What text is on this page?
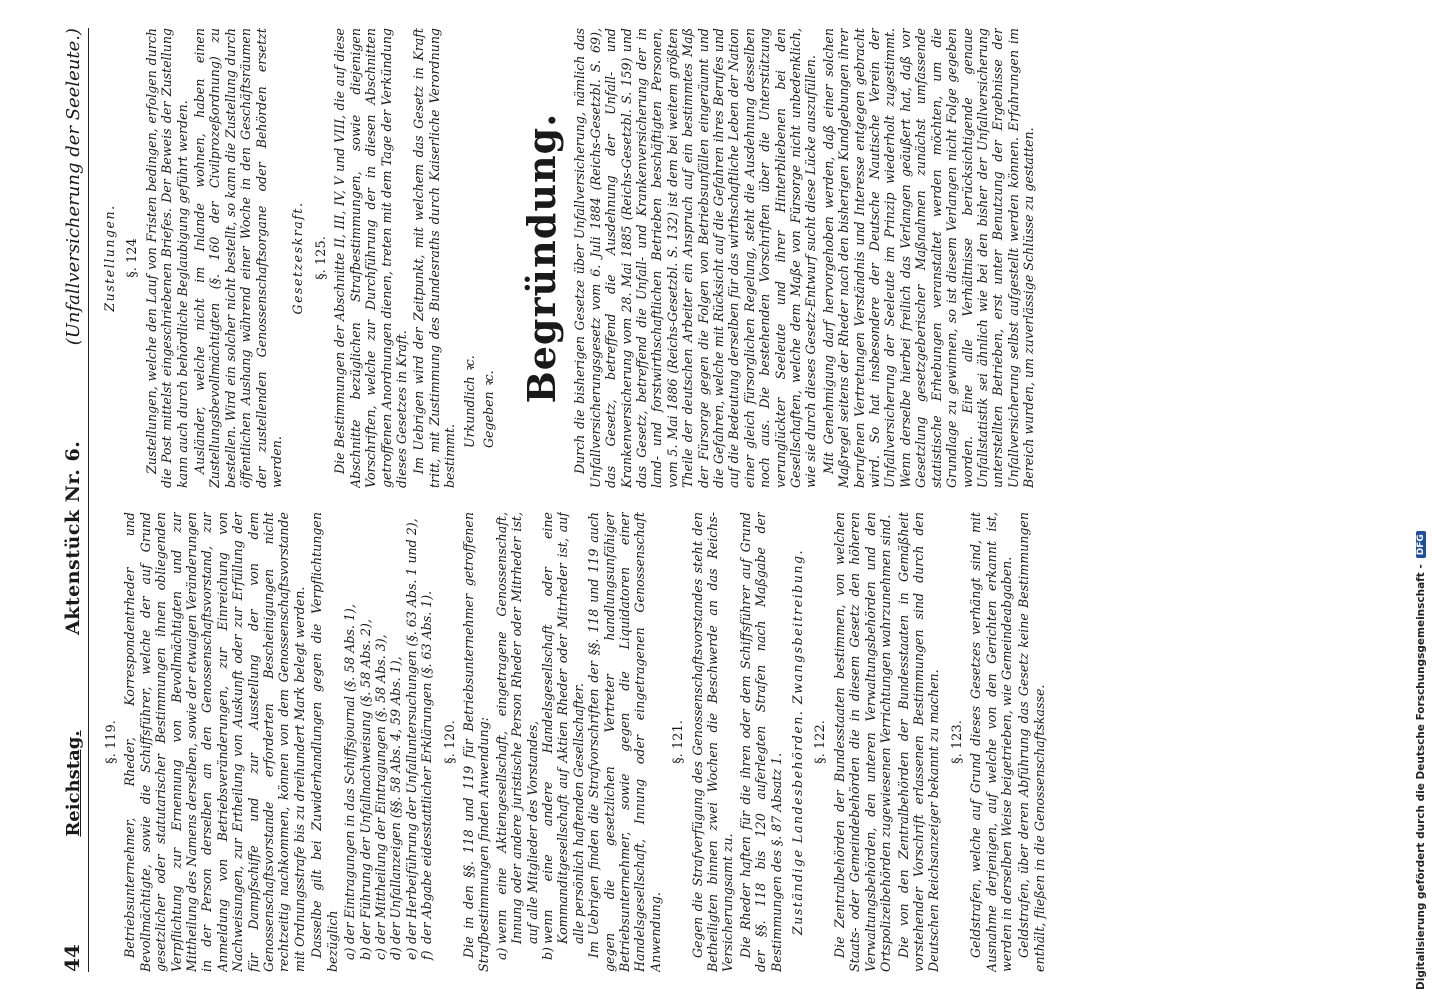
44
Reichstag.
Aktenstück Nr. 6.
(Unfallversicherung der Seeleute.)
§. 119. Betriebsunternehmer, Rheder, Korrespondentrheder und Bevollmächtigte, sowie die Schiffsführer, welche der auf Grund gesetzlicher oder statutarischer Bestimmungen ihnen obliegenden Verpflichtung zur Ernennung von Bevollmächtigten und zur Mittheilung des Namens derselben, sowie der etwaigen Veränderungen in der Person derselben an den Genossenschaftsvorstand, zur Anmeldung von Betriebsveränderungen, zur Einreichung von Nachweisungen, zur Ertheilung von Auskunft oder zur Erfüllung der für Dampfschiffe und zur Ausstellung der von dem Genossenschaftsvorstande erforderten Bescheinigungen nicht rechtzeitig nachkommen, können von dem Genossenschaftsvorstande mit Ordnungsstrafe bis zu dreihundert Mark belegt werden. Dasselbe gilt bei Zuwiderhandlungen gegen die Verpflichtungen bezüglich a)der Eintragungen in das Schiffsjournal (§. 58 Abs. 1),

b)der Führung der Unfallnachweisung (§. 58 Abs. 2),

c)der Mittheilung der Eintragungen (§. 58 Abs. 3),

d)der Unfallanzeigen (§§. 58 Abs. 4, 59 Abs. 1),

e)der Herbeiführung der Unfalluntersuchungen (§. 63 Abs. 1 und 2),

f)der Abgabe eidesstattlicher Erklärungen (§. 63 Abs. 1). §. 120. Die in den §§. 118 und 119 für Betriebsunternehmer getroffenen Strafbestimmungen finden Anwendung: a)wenn eine Aktiengesellschaft, eingetragene Genossenschaft, Innung oder andere juristische Person Rheder oder Mitrheder ist, auf alle Mitglieder des Vorstandes,

b)wenn eine andere Handelsgesellschaft oder eine Kommanditgesellschaft auf Aktien Rheder oder Mitrheder ist, auf alle persönlich haftenden Gesellschafter. Im Uebrigen finden die Strafvorschriften der §§. 118 und 119 auch gegen die gesetzlichen Vertreter handlungsunfähiger Betriebsunternehmer, sowie gegen die Liquidatoren einer Handelsgesellschaft, Innung oder eingetragenen Genossenschaft Anwendung.

§. 121. Gegen die Strafverfügung des Genossenschaftsvorstandes steht den Betheiligten binnen zwei Wochen die Beschwerde an das Reichs-Versicherungsamt zu. Die Rheder haften für die ihren oder dem Schiffsführer auf Grund der §§. 118 bis 120 auferlegten Strafen nach Maßgabe der Bestimmungen des §. 87 Absatz 1. Zuständige Landesbehörden. Zwangsbeitreibung. §. 122. Die Zentralbehörden der Bundesstaaten bestimmen, von welchen Staats- oder Gemeindebehörden die in diesem Gesetz den höheren Verwaltungsbehörden, den unteren Verwaltungsbehörden und den Ortspolizeibehörden zugewiesenen Verrichtungen wahrzunehmen sind. Die von den Zentralbehörden der Bundesstaaten in Gemäßheit vorstehender Vorschrift erlassenen Bestimmungen sind durch den Deutschen Reichsanzeiger bekannt zu machen. §. 123. Geldstrafen, welche auf Grund dieses Gesetzes verhängt sind, mit Ausnahme derjenigen, auf welche von den Gerichten erkannt ist, werden in derselben Weise beigetrieben, wie Gemeindeabgaben. Geldstrafen, über deren Abführung das Gesetz keine Bestimmungen enthält, fließen in die Genossenschaftskasse.

Zustellungen. §. 124 Zustellungen, welche den Lauf von Fristen bedingen, erfolgen durch die Post mittelst eingeschriebenen Briefes. Der Beweis der Zustellung kann auch durch behördliche Beglaubigung geführt werden. Ausländer, welche nicht im Inlande wohnen, haben einen Zustellungsbevollmächtigten (§. 160 der Civilprozeßordnung) zu bestellen. Wird ein solcher nicht bestellt, so kann die Zustellung durch öffentlichen Aushang während einer Woche in den Geschäftsräumen der zustellenden Genossenschaftsorgane oder Behörden ersetzt werden.

Gesetzeskraft. §. 125. Die Bestimmungen der Abschnitte II, III, IV, V und VIII, die auf diese Abschnitte bezüglichen Strafbestimmungen, sowie diejenigen Vorschriften, welche zur Durchführung der in diesen Abschnitten getroffenen Anordnungen dienen, treten mit dem Tage der Verkündung dieses Gesetzes in Kraft. Im Uebrigen wird der Zeitpunkt, mit welchem das Gesetz in Kraft tritt, mit Zustimmung des Bundesraths durch Kaiserliche Verordnung bestimmt.

Urkundlich ꝛc. Gegeben ꝛc.

Begründung. Durch die bisherigen Gesetze über Unfallversicherung, nämlich das Unfallversicherungsgesetz vom 6. Juli 1884 (Reichs-Gesetzbl. S. 69), das Gesetz, betreffend die Ausdehnung der Unfall- und Krankenversicherung vom 28. Mai 1885 (Reichs-Gesetzbl. S. 159) und das Gesetz, betreffend die Unfall- und Krankenversicherung der in land- und forstwirthschaftlichen Betrieben beschäftigten Personen, vom 5. Mai 1886 (Reichs-Gesetzbl. S. 132) ist dem bei weitem größten Theile der deutschen Arbeiter ein Anspruch auf ein bestimmtes Maß der Fürsorge gegen die Folgen von Betriebsunfällen eingeräumt und die Gefahren, welche mit Rücksicht auf die Gefahren ihres Berufes und auf die Bedeutung derselben für das wirthschaftliche Leben der Nation einer gleich fürsorglichen Regelung, steht die Ausdehnung desselben noch aus. Die bestehenden Vorschriften über die Unterstützung verunglückter Seeleute und ihrer Hinterbliebenen bei den Gesellschaften, welche dem Maße von Fürsorge nicht unbedenklich, wie sie durch dieses Gesetz-Entwurf sucht diese Lücke auszufüllen. Mit Genehmigung darf hervorgehoben werden, daß einer solchen Maßregel seitens der Rheder nach den bisherigen Kundgebungen ihrer berufenen Vertretungen Verständnis und Interesse entgegen gebracht wird. So hat insbesondere der Deutsche Nautische Verein der Unfallversicherung der Seeleute im Prinzip wiederholt zugestimmt. Wenn derselbe hierbei freilich das Verlangen geäußert hat, daß vor Gesetzlung gesetzgeberischer Maßnahmen zunächst umfassende statistische Erhebungen veranstaltet werden möchten, um die Grundlage zu gewinnen, so ist diesem Verlangen nicht Folge gegeben worden. Eine alle Verhältnisse berücksichtigende genaue Unfallstatistik sei ähnlich wie bei den bisher der Unfallversicherung unterstellten Betrieben, erst unter Benutzung der Ergebnisse der Unfallversicherung selbst aufgestellt werden können. Erfahrungen im Bereich wurden, um zuverlässige Schlüsse zu gestatten.

Digitalisierung gefördert durch die Deutsche Forschungsgemeinschaft -
DFG
